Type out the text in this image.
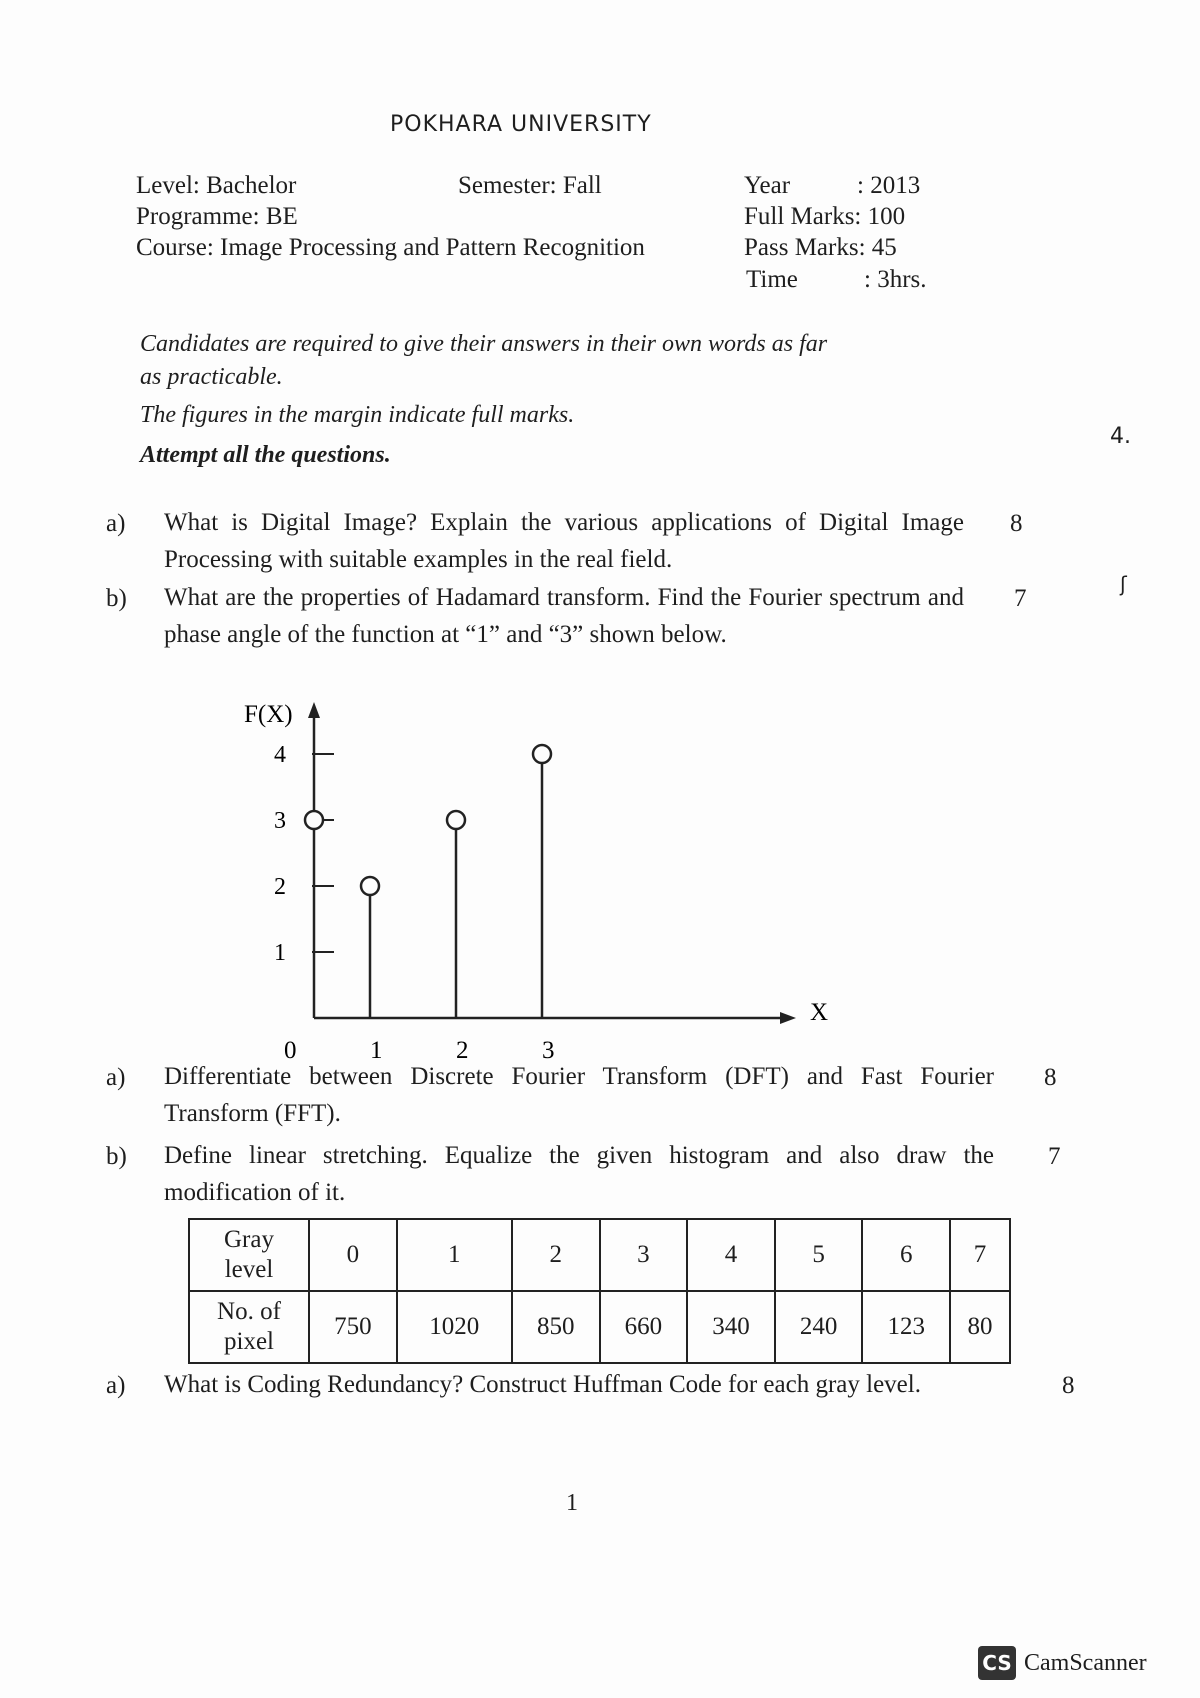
POKHARA UNIVERSITY
Level: Bachelor	Semester: Fall	Year	: 2013
Programme: BE	Full Marks: 100
Course: Image Processing and Pattern Recognition	Pass Marks: 45
Time	: 3hrs.
Candidates are required to give their answers in their own words as far
as practicable.
The figures in the margin indicate full marks.
Attempt all the questions.
4.
ʃ
a) What is Digital Image? Explain the various applications of Digital Image Processing with suitable examples in the real field.
8
b) What are the properties of Hadamard transform. Find the Fourier spectrum and phase angle of the function at “1” and “3” shown below.
7
F(X)
X
1
2
3
4
0	1	2	3
a) Differentiate between Discrete Fourier Transform (DFT) and Fast Fourier Transform (FFT).
8
b) Define linear stretching. Equalize the given histogram and also draw the modification of it.
7
Gray
level	0	1	2	3	4	5	6	7
No. of
pixel	750	1020	850	660	340	240	123	80
a) What is Coding Redundancy? Construct Huffman Code for each gray level.	8
1
CS CamScanner
